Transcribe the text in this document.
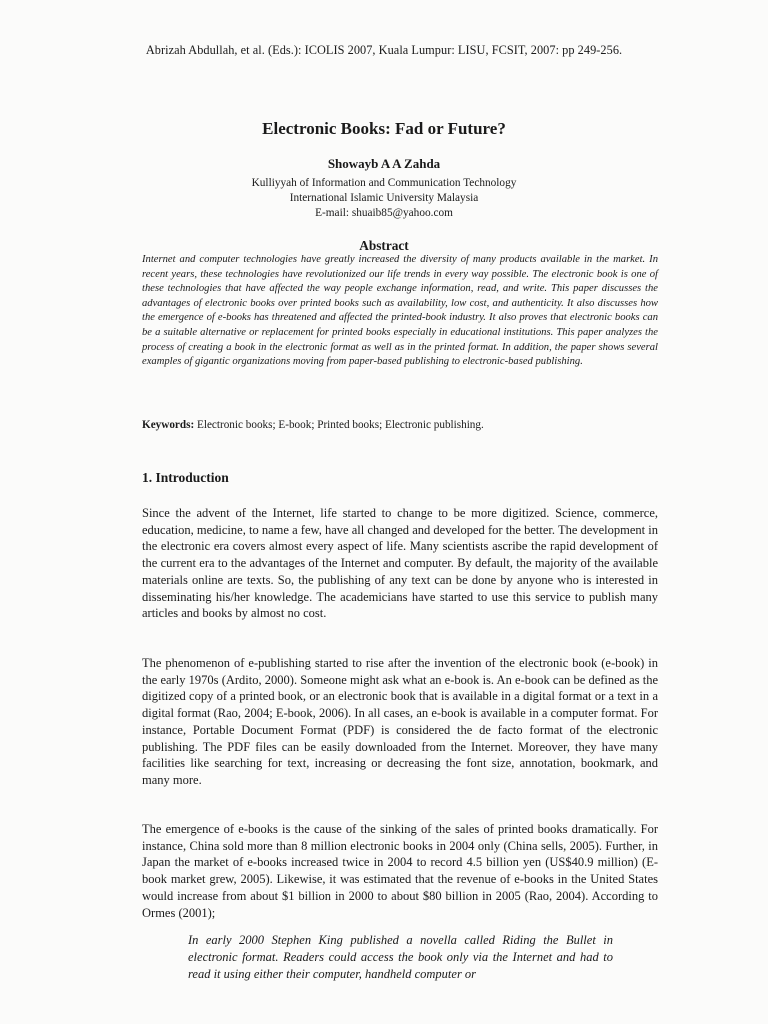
Abrizah Abdullah, et al. (Eds.): ICOLIS 2007, Kuala Lumpur: LISU, FCSIT, 2007: pp 249-256.
Electronic Books: Fad or Future?
Showayb A A Zahda
Kulliyyah of Information and Communication Technology
International Islamic University Malaysia
E-mail: shuaib85@yahoo.com
Abstract
Internet and computer technologies have greatly increased the diversity of many products available in the market. In recent years, these technologies have revolutionized our life trends in every way possible. The electronic book is one of these technologies that have affected the way people exchange information, read, and write. This paper discusses the advantages of electronic books over printed books such as availability, low cost, and authenticity. It also discusses how the emergence of e-books has threatened and affected the printed-book industry. It also proves that electronic books can be a suitable alternative or replacement for printed books especially in educational institutions. This paper analyzes the process of creating a book in the electronic format as well as in the printed format. In addition, the paper shows several examples of gigantic organizations moving from paper-based publishing to electronic-based publishing.
Keywords: Electronic books; E-book; Printed books; Electronic publishing.
1. Introduction
Since the advent of the Internet, life started to change to be more digitized. Science, commerce, education, medicine, to name a few, have all changed and developed for the better. The development in the electronic era covers almost every aspect of life. Many scientists ascribe the rapid development of the current era to the advantages of the Internet and computer. By default, the majority of the available materials online are texts. So, the publishing of any text can be done by anyone who is interested in disseminating his/her knowledge. The academicians have started to use this service to publish many articles and books by almost no cost.
The phenomenon of e-publishing started to rise after the invention of the electronic book (e-book) in the early 1970s (Ardito, 2000). Someone might ask what an e-book is. An e-book can be defined as the digitized copy of a printed book, or an electronic book that is available in a digital format or a text in a digital format (Rao, 2004; E-book, 2006). In all cases, an e-book is available in a computer format. For instance, Portable Document Format (PDF) is considered the de facto format of the electronic publishing. The PDF files can be easily downloaded from the Internet. Moreover, they have many facilities like searching for text, increasing or decreasing the font size, annotation, bookmark, and many more.
The emergence of e-books is the cause of the sinking of the sales of printed books dramatically. For instance, China sold more than 8 million electronic books in 2004 only (China sells, 2005). Further, in Japan the market of e-books increased twice in 2004 to record 4.5 billion yen (US$40.9 million) (E-book market grew, 2005). Likewise, it was estimated that the revenue of e-books in the United States would increase from about $1 billion in 2000 to about $80 billion in 2005 (Rao, 2004). According to Ormes (2001);
In early 2000 Stephen King published a novella called Riding the Bullet in electronic format. Readers could access the book only via the Internet and had to read it using either their computer, handheld computer or
